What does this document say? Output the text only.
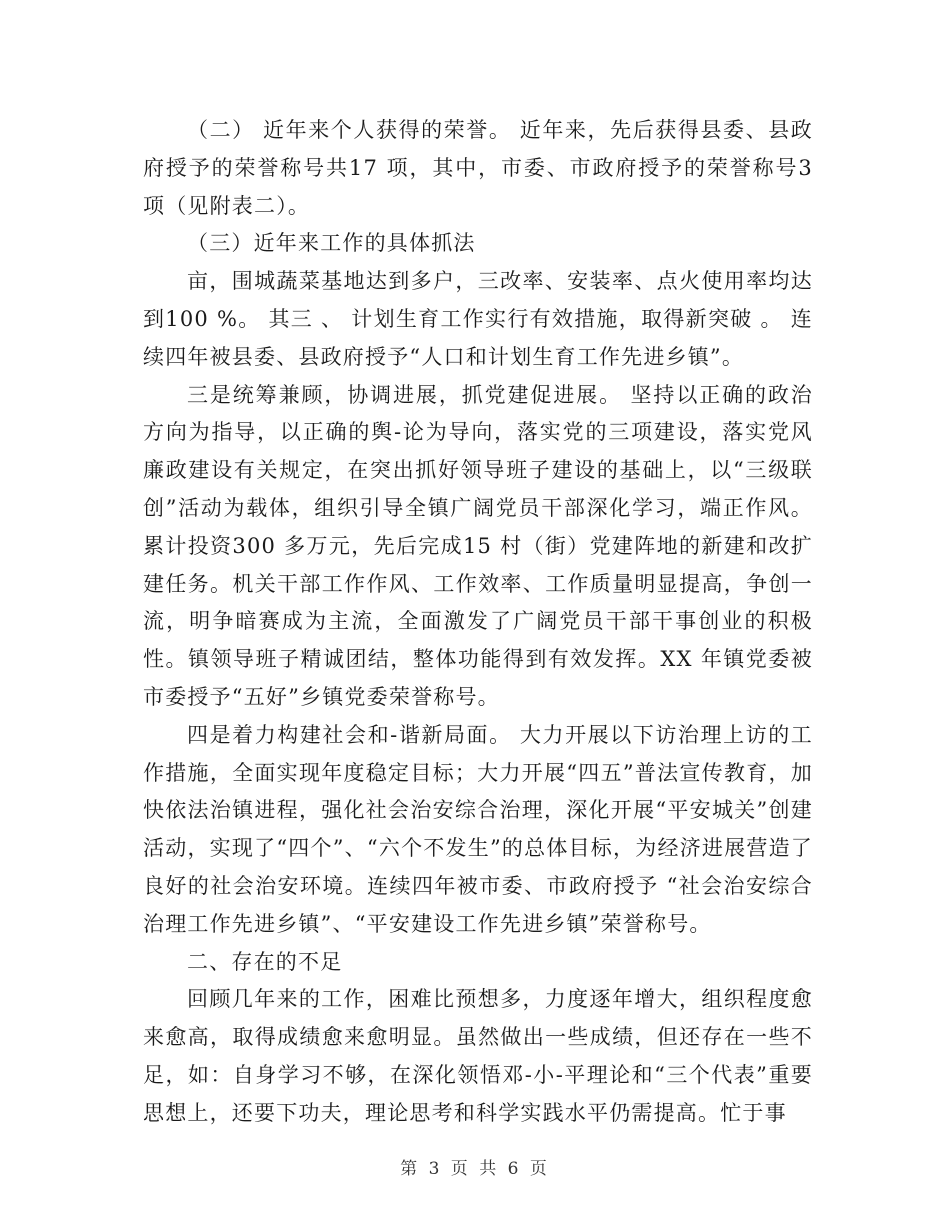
（二） 近年来个人获得的荣誉。 近年来，先后获得县委、县政府授予的荣誉称号共17 项，其中，市委、市政府授予的荣誉称号3 项（见附表二）。

（三）近年来工作的具体抓法

亩，围城蔬菜基地达到多户，三改率、安装率、点火使用率均达到100 %。 其三 、 计划生育工作实行有效措施，取得新突破 。 连续四年被县委、县政府授予“人口和计划生育工作先进乡镇”。

三是统筹兼顾，协调进展，抓党建促进展。 坚持以正确的政治方向为指导，以正确的舆-论为导向，落实党的三项建设，落实党风廉政建设有关规定，在突出抓好领导班子建设的基础上，以“三级联创”活动为载体，组织引导全镇广阔党员干部深化学习，端正作风。累计投资300 多万元，先后完成15 村（街）党建阵地的新建和改扩建任务。机关干部工作作风、工作效率、工作质量明显提高，争创一流，明争暗赛成为主流，全面激发了广阔党员干部干事创业的积极性。镇领导班子精诚团结，整体功能得到有效发挥。XX 年镇党委被市委授予“五好”乡镇党委荣誉称号。

四是着力构建社会和-谐新局面。 大力开展以下访治理上访的工作措施，全面实现年度稳定目标；大力开展“四五”普法宣传教育，加快依法治镇进程，强化社会治安综合治理，深化开展“平安城关”创建活动，实现了“四个”、“六个不发生”的总体目标，为经济进展营造了良好的社会治安环境。连续四年被市委、市政府授予 “社会治安综合治理工作先进乡镇”、“平安建设工作先进乡镇”荣誉称号。

二、存在的不足

回顾几年来的工作，困难比预想多，力度逐年增大，组织程度愈来愈高，取得成绩愈来愈明显。虽然做出一些成绩，但还存在一些不足，如：自身学习不够，在深化领悟邓-小-平理论和“三个代表”重要思想上，还要下功夫，理论思考和科学实践水平仍需提高。忙于事

第 3 页 共 6 页
